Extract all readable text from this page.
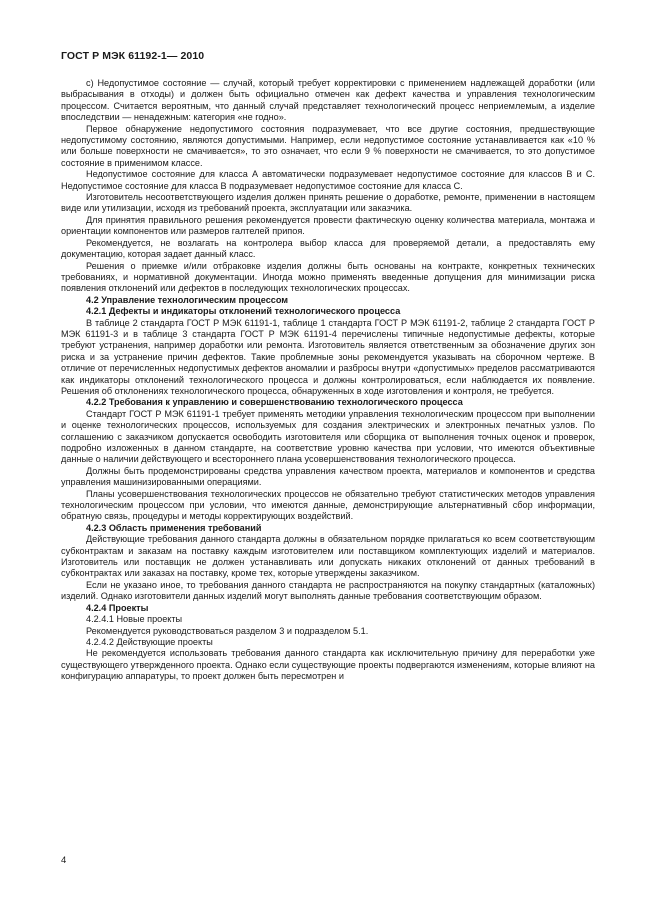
ГОСТ Р МЭК 61192-1— 2010

с) Недопустимое состояние — случай, который требует корректировки с применением надлежащей доработки (или выбрасывания в отходы) и должен быть официально отмечен как дефект качества и управления технологическим процессом. Считается вероятным, что данный случай представляет технологический процесс неприемлемым, а изделие впоследствии — ненадежным: категория «не годно».

Первое обнаружение недопустимого состояния подразумевает, что все другие состояния, предшествующие недопустимому состоянию, являются допустимыми. Например, если недопустимое состояние устанавливается как «10 % или больше поверхности не смачивается», то это означает, что если 9 % поверхности не смачивается, то это допустимое состояние в применимом классе.

Недопустимое состояние для класса А автоматически подразумевает недопустимое состояние для классов В и С. Недопустимое состояние для класса В подразумевает недопустимое состояние для класса С.

Изготовитель несоответствующего изделия должен принять решение о доработке, ремонте, применении в настоящем виде или утилизации, исходя из требований проекта, эксплуатации или заказчика.

Для принятия правильного решения рекомендуется провести фактическую оценку количества материала, монтажа и ориентации компонентов или размеров галтелей припоя.

Рекомендуется, не возлагать на контролера выбор класса для проверяемой детали, а предоставлять ему документацию, которая задает данный класс.

Решения о приемке и/или отбраковке изделия должны быть основаны на контракте, конкретных технических требованиях, и нормативной документации. Иногда можно применять введенные допущения для минимизации риска появления отклонений или дефектов в последующих технологических процессах.

4.2 Управление технологическим процессом
4.2.1 Дефекты и индикаторы отклонений технологического процесса

В таблице 2 стандарта ГОСТ Р МЭК 61191-1, таблице 1 стандарта ГОСТ Р МЭК 61191-2, таблице 2 стандарта ГОСТ Р МЭК 61191-3 и в таблице 3 стандарта ГОСТ Р МЭК 61191-4 перечислены типичные недопустимые дефекты, которые требуют устранения, например доработки или ремонта. Изготовитель является ответственным за обозначение других зон риска и за устранение причин дефектов. Такие проблемные зоны рекомендуется указывать на сборочном чертеже. В отличие от перечисленных недопустимых дефектов аномалии и разбросы внутри «допустимых» пределов рассматриваются как индикаторы отклонений технологического процесса и должны контролироваться, если наблюдается их появление. Решения об отклонениях технологического процесса, обнаруженных в ходе изготовления и контроля, не требуется.

4.2.2 Требования к управлению и совершенствованию технологического процесса

Стандарт ГОСТ Р МЭК 61191-1 требует применять методики управления технологическим процессом при выполнении и оценке технологических процессов, используемых для создания электрических и электронных печатных узлов. По соглашению с заказчиком допускается освободить изготовителя или сборщика от выполнения точных оценок и проверок, подробно изложенных в данном стандарте, на соответствие уровню качества при условии, что имеются объективные данные о наличии действующего и всестороннего плана усовершенствования технологического процесса.

Должны быть продемонстрированы средства управления качеством проекта, материалов и компонентов и средства управления машинизированными операциями.

Планы усовершенствования технологических процессов не обязательно требуют статистических методов управления технологическим процессом при условии, что имеются данные, демонстрирующие альтернативный сбор информации, обратную связь, процедуры и методы корректирующих воздействий.

4.2.3 Область применения требований

Действующие требования данного стандарта должны в обязательном порядке прилагаться ко всем соответствующим субконтрактам и заказам на поставку каждым изготовителем или поставщиком комплектующих изделий и материалов. Изготовитель или поставщик не должен устанавливать или допускать никаких отклонений от данных требований в субконтрактах или заказах на поставку, кроме тех, которые утверждены заказчиком.

Если не указано иное, то требования данного стандарта не распространяются на покупку стандартных (каталожных) изделий. Однако изготовители данных изделий могут выполнять данные требования соответствующим образом.

4.2.4 Проекты

4.2.4.1 Новые проекты

Рекомендуется руководствоваться разделом 3 и подразделом 5.1.

4.2.4.2 Действующие проекты

Не рекомендуется использовать требования данного стандарта как исключительную причину для переработки уже существующего утвержденного проекта. Однако если существующие проекты подвергаются изменениям, которые влияют на конфигурацию аппаратуры, то проект должен быть пересмотрен и

4
